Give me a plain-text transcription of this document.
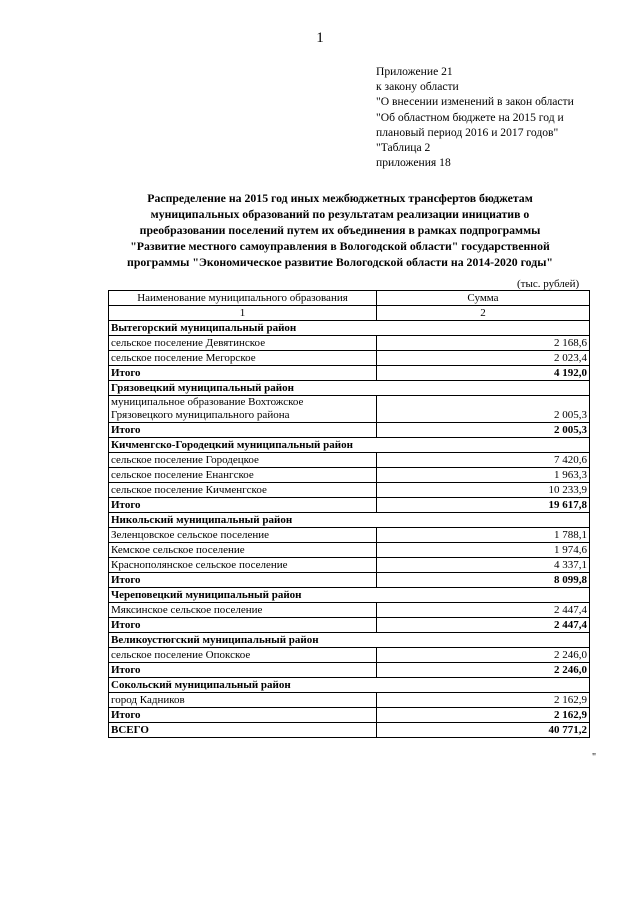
1
Приложение 21
к закону области
"О внесении изменений в закон области
"Об областном бюджете на 2015 год и
плановый период 2016 и 2017 годов"
"Таблица 2
приложения 18
Распределение на 2015 год иных межбюджетных трансфертов бюджетам
муниципальных образований по результатам реализации инициатив о
преобразовании поселений путем их объединения в рамках подпрограммы
"Развитие местного самоуправления в Вологодской области" государственной
программы "Экономическое развитие Вологодской области на 2014-2020 годы"
(тыс. рублей)
Наименование муниципального образования	Сумма
1	2
Вытегорский муниципальный район	
сельское поселение Девятинское	2 168,6
сельское поселение Мегорское	2 023,4
Итого	4 192,0
Грязовецкий муниципальный район	

муниципальное образование Вохтожское
Грязовецкого муниципального района	2 005,3
Итого	2 005,3
Кичменгско-Городецкий муниципальный район	
сельское поселение Городецкое	7 420,6
сельское поселение Енангское	1 963,3
сельское поселение Кичменгское	10 233,9
Итого	19 617,8
Никольский муниципальный район	
Зеленцовское сельское поселение	1 788,1
Кемское сельское поселение	1 974,6
Краснополянское сельское поселение	4 337,1
Итого	8 099,8
Череповецкий муниципальный район	
Мяксинское сельское поселение	2 447,4
Итого	2 447,4
Великоустюгский муниципальный район	
сельское поселение Опокское	2 246,0
Итого	2 246,0
Сокольский муниципальный район	
город Кадников	2 162,9
Итого	2 162,9
ВСЕГО	40 771,2
"
